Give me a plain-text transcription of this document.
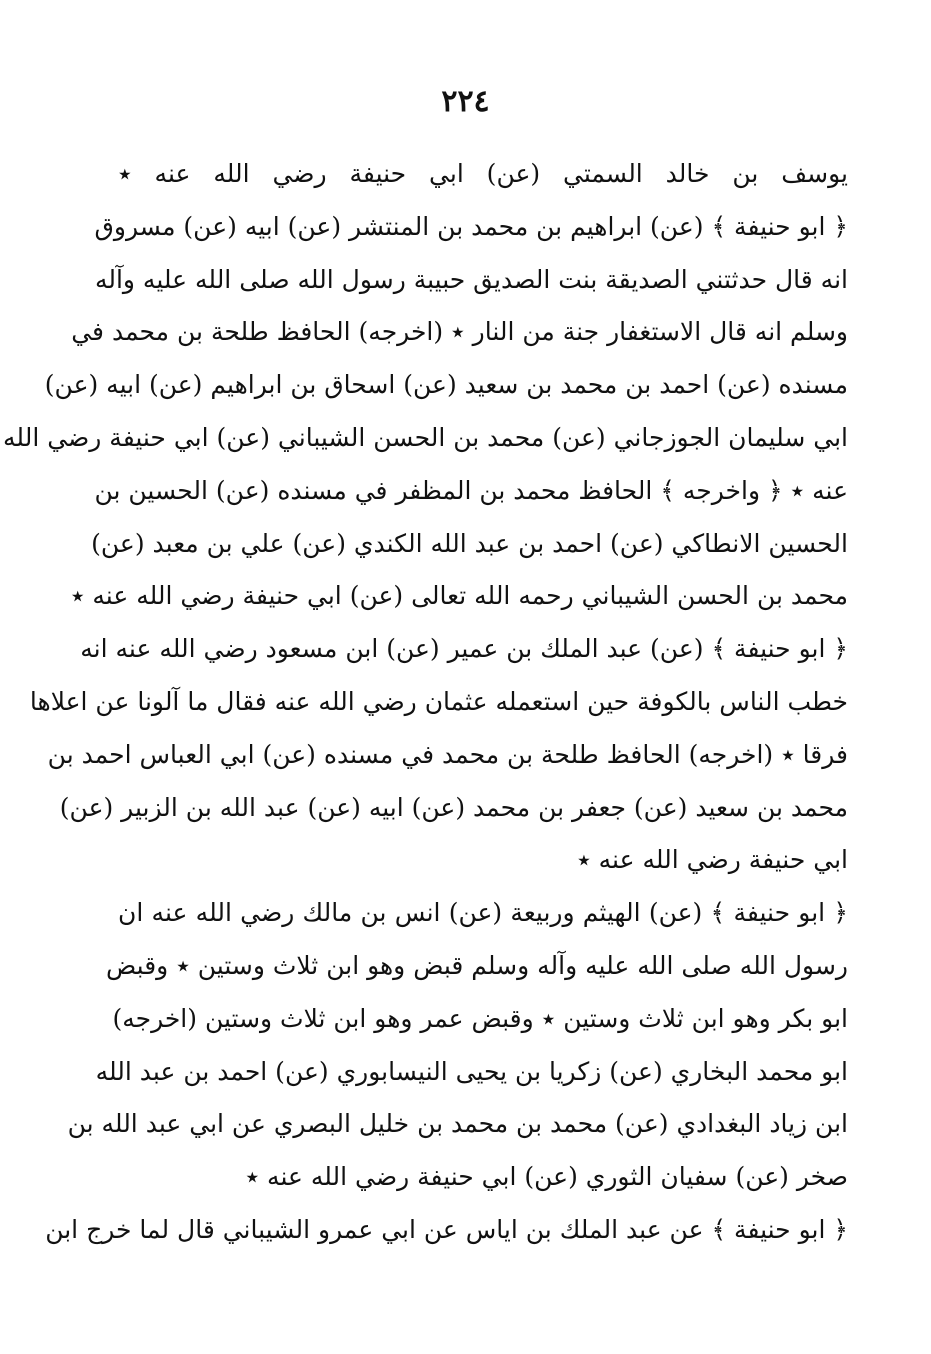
٢٢٤
يوسف بن خالد السمتي (عن) ابي حنيفة رضي الله عنه ٭
﴿ ابو حنيفة ﴾ (عن) ابراهيم بن محمد بن المنتشر (عن) ابيه (عن) مسروق
انه قال حدثتني الصديقة بنت الصديق حبيبة رسول الله صلى الله عليه وآله
وسلم انه قال الاستغفار جنة من النار ٭ (اخرجه) الحافظ طلحة بن محمد في
مسنده (عن) احمد بن محمد بن سعيد (عن) اسحاق بن ابراهيم (عن) ابيه (عن)
ابي سليمان الجوزجاني (عن) محمد بن الحسن الشيباني (عن) ابي حنيفة رضي الله
عنه ٭ ﴿ واخرجه ﴾ الحافظ محمد بن المظفر في مسنده (عن) الحسين بن
الحسين الانطاكي (عن) احمد بن عبد الله الكندي (عن) علي بن معبد (عن)
محمد بن الحسن الشيباني رحمه الله تعالى (عن) ابي حنيفة رضي الله عنه ٭
﴿ ابو حنيفة ﴾ (عن) عبد الملك بن عمير (عن) ابن مسعود رضي الله عنه انه
خطب الناس بالكوفة حين استعمله عثمان رضي الله عنه فقال ما آلونا عن اعلاها
فرقا ٭ (اخرجه) الحافظ طلحة بن محمد في مسنده (عن) ابي العباس احمد بن
محمد بن سعيد (عن) جعفر بن محمد (عن) ابيه (عن) عبد الله بن الزبير (عن)
ابي حنيفة رضي الله عنه ٭
﴿ ابو حنيفة ﴾ (عن) الهيثم وربيعة (عن) انس بن مالك رضي الله عنه ان
رسول الله صلى الله عليه وآله وسلم قبض وهو ابن ثلاث وستين ٭ وقبض
ابو بكر وهو ابن ثلاث وستين ٭ وقبض عمر وهو ابن ثلاث وستين (اخرجه)
ابو محمد البخاري (عن) زكريا بن يحيى النيسابوري (عن) احمد بن عبد الله
ابن زياد البغدادي (عن) محمد بن محمد بن خليل البصري عن ابي عبد الله بن
صخر (عن) سفيان الثوري (عن) ابي حنيفة رضي الله عنه ٭
﴿ ابو حنيفة ﴾ عن عبد الملك بن اياس عن ابي عمرو الشيباني قال لما خرج ابن
